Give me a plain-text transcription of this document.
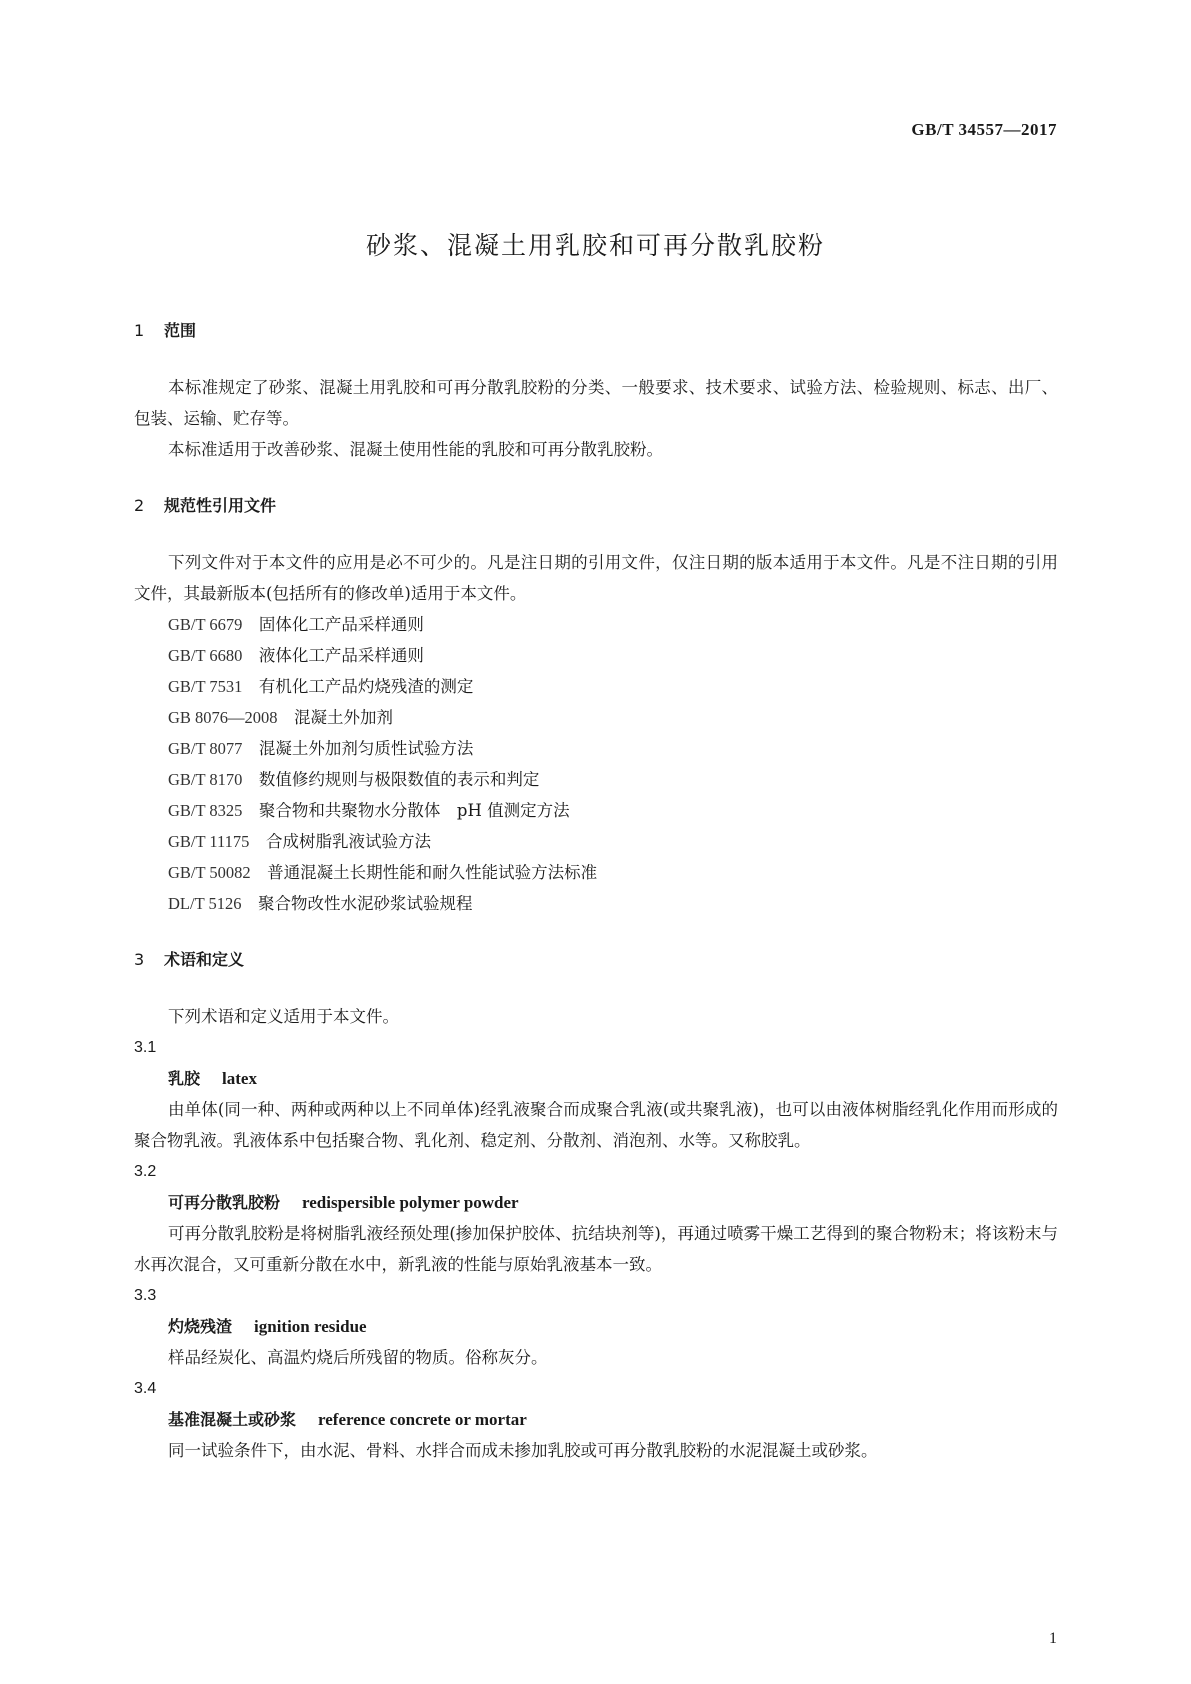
GB/T 34557—2017
砂浆、混凝土用乳胶和可再分散乳胶粉
1 范围

本标准规定了砂浆、混凝土用乳胶和可再分散乳胶粉的分类、一般要求、技术要求、试验方法、检验规则、标志、出厂、包装、运输、贮存等。

本标准适用于改善砂浆、混凝土使用性能的乳胶和可再分散乳胶粉。

2 规范性引用文件

下列文件对于本文件的应用是必不可少的。凡是注日期的引用文件，仅注日期的版本适用于本文件。凡是不注日期的引用文件，其最新版本(包括所有的修改单)适用于本文件。

GB/T 6679　 固体化工产品采样通则

GB/T 6680　 液体化工产品采样通则

GB/T 7531　 有机化工产品灼烧残渣的测定

GB 8076—2008　 混凝土外加剂

GB/T 8077　 混凝土外加剂匀质性试验方法

GB/T 8170　 数值修约规则与极限数值的表示和判定

GB/T 8325　 聚合物和共聚物水分散体　pH 值测定方法

GB/T 11175　 合成树脂乳液试验方法

GB/T 50082　 普通混凝土长期性能和耐久性能试验方法标准

DL/T 5126　 聚合物改性水泥砂浆试验规程

3 术语和定义

下列术语和定义适用于本文件。

3.1

乳胶 latex

由单体(同一种、两种或两种以上不同单体)经乳液聚合而成聚合乳液(或共聚乳液)，也可以由液体树脂经乳化作用而形成的聚合物乳液。乳液体系中包括聚合物、乳化剂、稳定剂、分散剂、消泡剂、水等。又称胶乳。

3.2

可再分散乳胶粉 redispersible polymer powder

可再分散乳胶粉是将树脂乳液经预处理(掺加保护胶体、抗结块剂等)，再通过喷雾干燥工艺得到的聚合物粉末；将该粉末与水再次混合，又可重新分散在水中，新乳液的性能与原始乳液基本一致。

3.3

灼烧残渣 ignition residue

样品经炭化、高温灼烧后所残留的物质。俗称灰分。

3.4

基准混凝土或砂浆 reference concrete or mortar

同一试验条件下，由水泥、骨料、水拌合而成未掺加乳胶或可再分散乳胶粉的水泥混凝土或砂浆。

1
